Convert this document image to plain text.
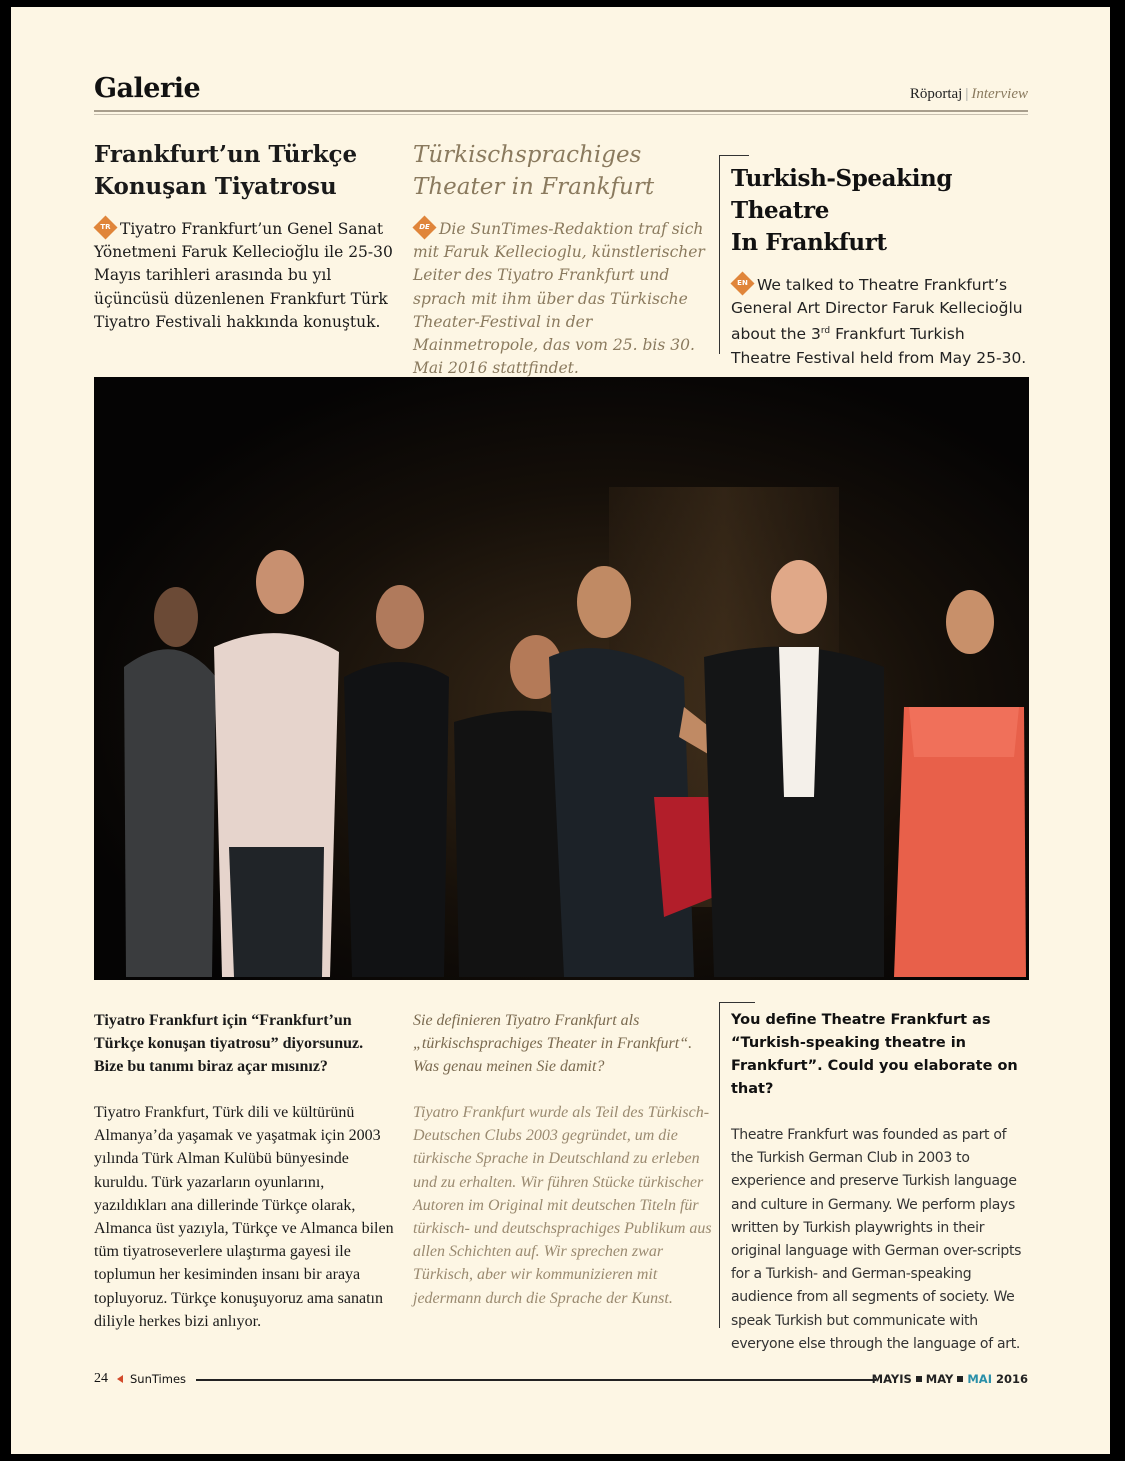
Galerie	Röportaj | Interview
Frankfurt’un Türkçe
Konuşan Tiyatrosu
TR Tiyatro Frankfurt’un Genel Sanat Yönetmeni Faruk Kellecioğlu ile 25-30 Mayıs tarihleri arasında bu yıl üçüncüsü düzenlenen Frankfurt Türk Tiyatro Festivali hakkında konuştuk.
Türkischsprachiges
Theater in Frankfurt
DE Die SunTimes-Redaktion traf sich mit Faruk Kellecioglu, künstlerischer Leiter des Tiyatro Frankfurt und sprach mit ihm über das Türkische Theater-Festival in der Mainmetropole, das vom 25. bis 30. Mai 2016 stattfindet.
Turkish-Speaking Theatre
In Frankfurt
EN We talked to Theatre Frankfurt’s General Art Director Faruk Kellecioğlu about the 3rd Frankfurt Turkish Theatre Festival held from May 25-30.
Tiyatro Frankfurt için “Frankfurt’un Türkçe konuşan tiyatrosu” diyorsunuz. Bize bu tanımı biraz açar mısınız?
Tiyatro Frankfurt, Türk dili ve kültürünü Almanya’da yaşamak ve yaşatmak için 2003 yılında Türk Alman Kulübü bünyesinde kuruldu. Türk yazarların oyunlarını, yazıldıkları ana dillerinde Türkçe olarak, Almanca üst yazıyla, Türkçe ve Almanca bilen tüm tiyatroseverlere ulaştırma gayesi ile toplumun her kesiminden insanı bir araya topluyoruz. Türkçe konuşuyoruz ama sanatın diliyle herkes bizi anlıyor.
Sie definieren Tiyatro Frankfurt als „türkischsprachiges Theater in Frankfurt“. Was genau meinen Sie damit?
Tiyatro Frankfurt wurde als Teil des Türkisch-Deutschen Clubs 2003 gegründet, um die türkische Sprache in Deutschland zu erleben und zu erhalten. Wir führen Stücke türkischer Autoren im Original mit deutschen Titeln für türkisch- und deutschsprachiges Publikum aus allen Schichten auf. Wir sprechen zwar Türkisch, aber wir kommunizieren mit jedermann durch die Sprache der Kunst.
You define Theatre Frankfurt as “Turkish-speaking theatre in Frankfurt”. Could you elaborate on that?
Theatre Frankfurt was founded as part of the Turkish German Club in 2003 to experience and preserve Turkish language and culture in Germany. We perform plays written by Turkish playwrights in their original language with German over-scripts for a Turkish- and German-speaking audience from all segments of society. We speak Turkish but communicate with everyone else through the language of art.
24 SunTimes	MAYIS MAY MAI 2016
